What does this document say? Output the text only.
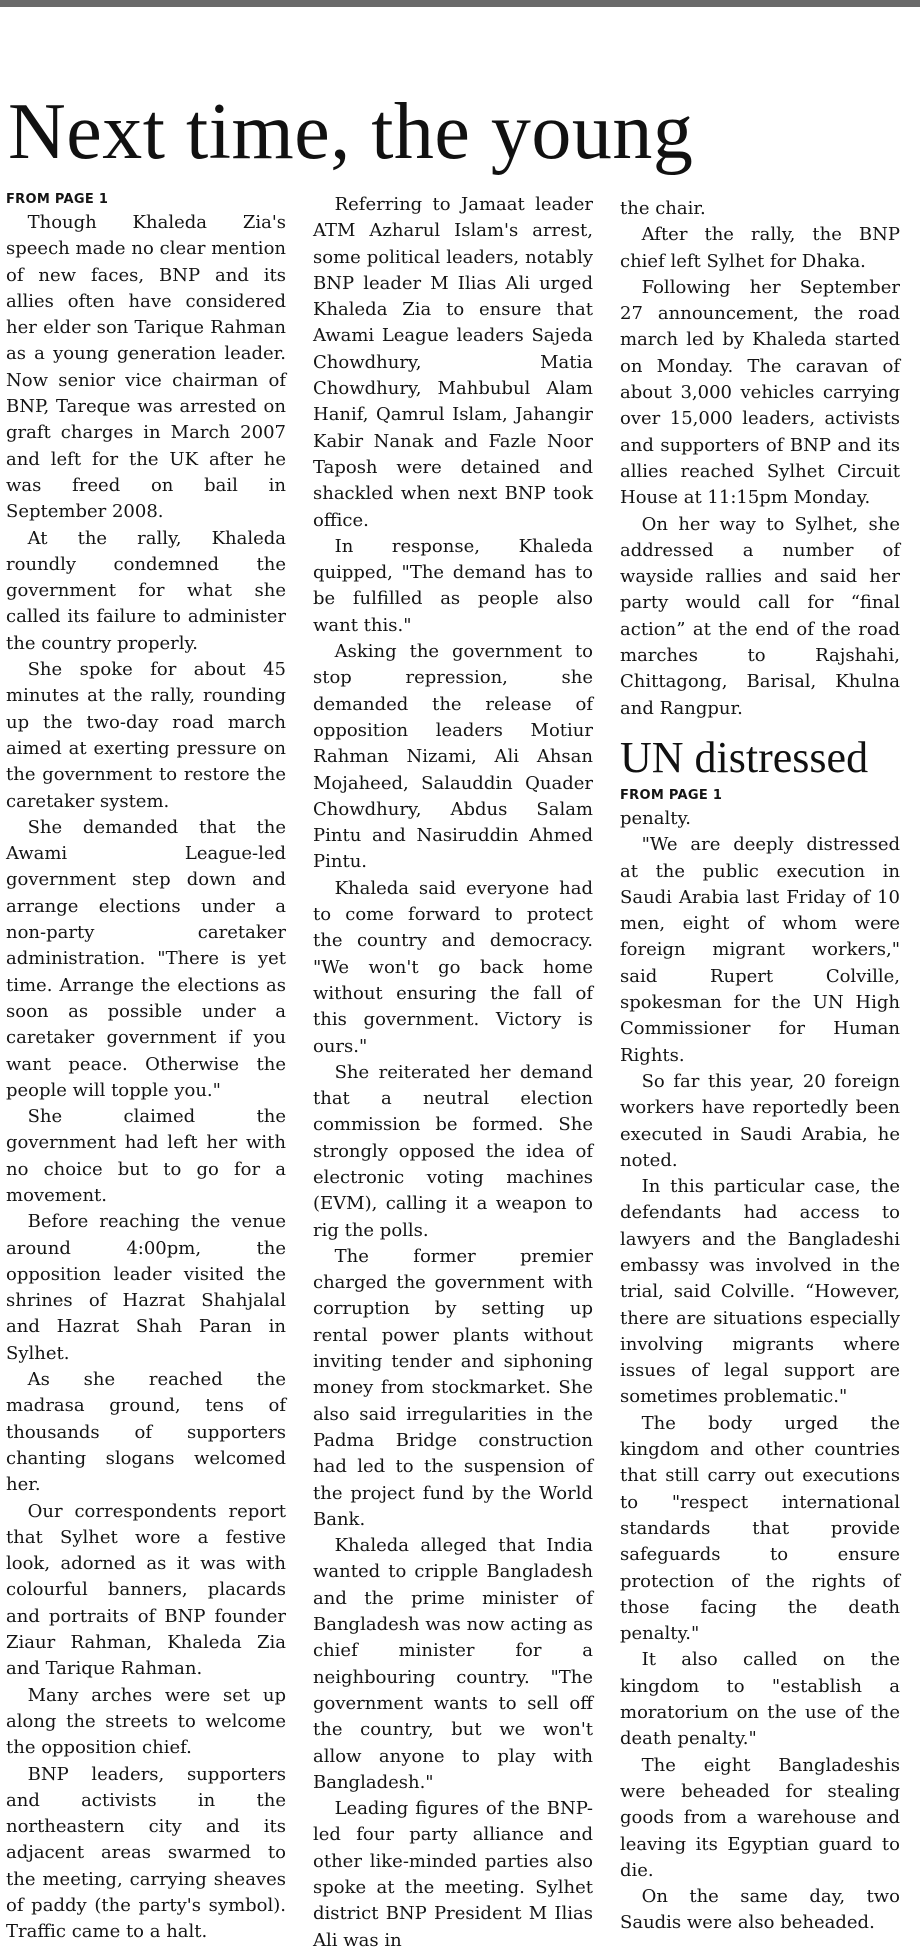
Next time, the young
FROM PAGE 1

Though Khaleda Zia's speech made no clear mention of new faces, BNP and its allies often have considered her elder son Tarique Rahman as a young generation leader. Now senior vice chairman of BNP, Tareque was arrested on graft charges in March 2007 and left for the UK after he was freed on bail in September 2008.

At the rally, Khaleda roundly condemned the government for what she called its failure to administer the country properly.

She spoke for about 45 minutes at the rally, rounding up the two-day road march aimed at exerting pressure on the government to restore the caretaker system.

She demanded that the Awami League-led government step down and arrange elections under a non-party caretaker administration. "There is yet time. Arrange the elections as soon as possible under a caretaker government if you want peace. Otherwise the people will topple you."

She claimed the government had left her with no choice but to go for a movement.

Before reaching the venue around 4:00pm, the opposition leader visited the shrines of Hazrat Shahjalal and Hazrat Shah Paran in Sylhet.

As she reached the madrasa ground, tens of thousands of supporters chanting slogans welcomed her.

Our correspondents report that Sylhet wore a festive look, adorned as it was with colourful banners, placards and portraits of BNP founder Ziaur Rahman, Khaleda Zia and Tarique Rahman.

Many arches were set up along the streets to welcome the opposition chief.

BNP leaders, supporters and activists in the northeastern city and its adjacent areas swarmed to the meeting, carrying sheaves of paddy (the party's symbol). Traffic came to a halt.

Referring to Jamaat leader ATM Azharul Islam's arrest, some political leaders, notably BNP leader M Ilias Ali urged Khaleda Zia to ensure that Awami League leaders Sajeda Chowdhury, Matia Chowdhury, Mahbubul Alam Hanif, Qamrul Islam, Jahangir Kabir Nanak and Fazle Noor Taposh were detained and shackled when next BNP took office.

In response, Khaleda quipped, "The demand has to be fulfilled as people also want this."

Asking the government to stop repression, she demanded the release of opposition leaders Motiur Rahman Nizami, Ali Ahsan Mojaheed, Salauddin Quader Chowdhury, Abdus Salam Pintu and Nasiruddin Ahmed Pintu.

Khaleda said everyone had to come forward to protect the country and democracy. "We won't go back home without ensuring the fall of this government. Victory is ours."

She reiterated her demand that a neutral election commission be formed. She strongly opposed the idea of electronic voting machines (EVM), calling it a weapon to rig the polls.

The former premier charged the government with corruption by setting up rental power plants without inviting tender and siphoning money from stockmarket. She also said irregularities in the Padma Bridge construction had led to the suspension of the project fund by the World Bank.

Khaleda alleged that India wanted to cripple Bangladesh and the prime minister of Bangladesh was now acting as chief minister for a neighbouring country. "The government wants to sell off the country, but we won't allow anyone to play with Bangladesh."

Leading figures of the BNP-led four party alliance and other like-minded parties also spoke at the meeting. Sylhet district BNP President M Ilias Ali was in

the chair.

After the rally, the BNP chief left Sylhet for Dhaka.

Following her September 27 announcement, the road march led by Khaleda started on Monday. The caravan of about 3,000 vehicles carrying over 15,000 leaders, activists and supporters of BNP and its allies reached Sylhet Circuit House at 11:15pm Monday.

On her way to Sylhet, she addressed a number of wayside rallies and said her party would call for “final action” at the end of the road marches to Rajshahi, Chittagong, Barisal, Khulna and Rangpur.

UN distressed
FROM PAGE 1

penalty.

"We are deeply distressed at the public execution in Saudi Arabia last Friday of 10 men, eight of whom were foreign migrant workers," said Rupert Colville, spokesman for the UN High Commissioner for Human Rights.

So far this year, 20 foreign workers have reportedly been executed in Saudi Arabia, he noted.

In this particular case, the defendants had access to lawyers and the Bangladeshi embassy was involved in the trial, said Colville. “However, there are situations especially involving migrants where issues of legal support are sometimes problematic."

The body urged the kingdom and other countries that still carry out executions to "respect international standards that provide safeguards to ensure protection of the rights of those facing the death penalty."

It also called on the kingdom to "establish a moratorium on the use of the death penalty."

The eight Bangladeshis were beheaded for stealing goods from a warehouse and leaving its Egyptian guard to die.

On the same day, two Saudis were also beheaded.
